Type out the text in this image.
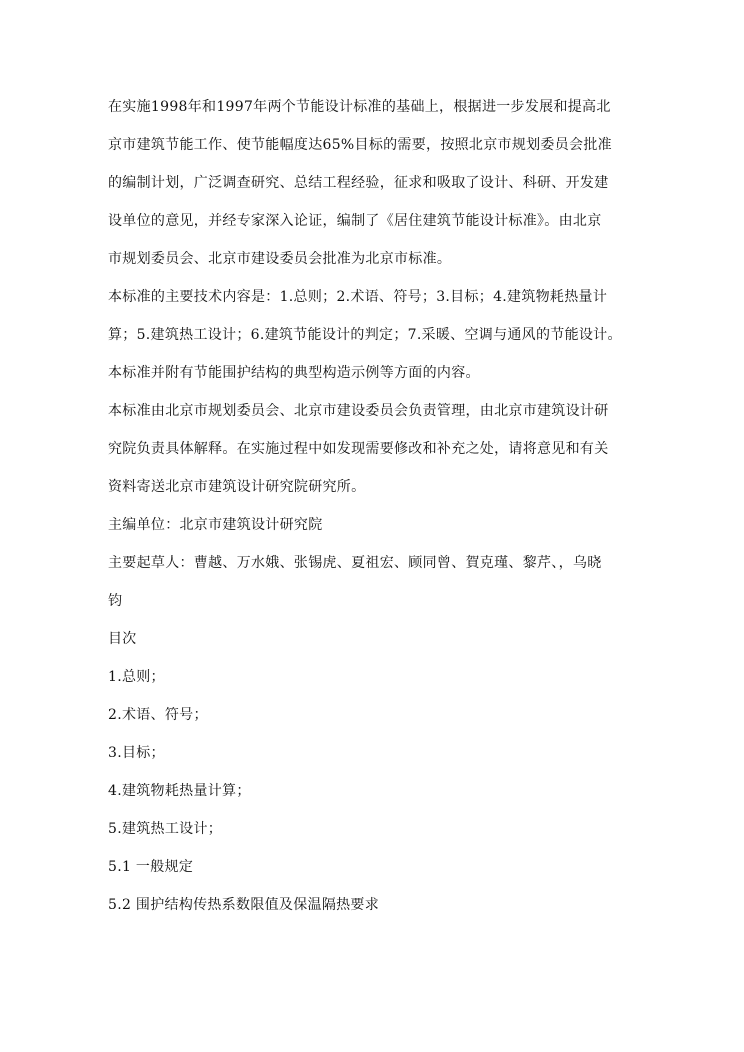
在实施1998年和1997年两个节能设计标准的基础上，根据进一步发展和提高北
京市建筑节能工作、使节能幅度达65%目标的需要，按照北京市规划委员会批准
的编制计划，广泛调查研究、总结工程经验，征求和吸取了设计、科研、开发建
设单位的意见，并经专家深入论证，编制了《居住建筑节能设计标准》。由北京
市规划委员会、北京市建设委员会批准为北京市标准。
本标准的主要技术内容是：1.总则；2.术语、符号；3.目标；4.建筑物耗热量计
算；5.建筑热工设计；6.建筑节能设计的判定；7.采暖、空调与通风的节能设计。
本标准并附有节能围护结构的典型构造示例等方面的内容。
本标准由北京市规划委员会、北京市建设委员会负责管理，由北京市建筑设计研
究院负责具体解释。在实施过程中如发现需要修改和补充之处，请将意见和有关
资料寄送北京市建筑设计研究院研究所。
主编单位：北京市建筑设计研究院
主要起草人：曹越、万水娥、张锡虎、夏祖宏、顾同曾、賀克瑾、黎芹、，乌晓
钧
目次
1.总则；
2.术语、符号；
3.目标；
4.建筑物耗热量计算；
5.建筑热工设计；
5.1 一般规定
5.2 围护结构传热系数限值及保温隔热要求
